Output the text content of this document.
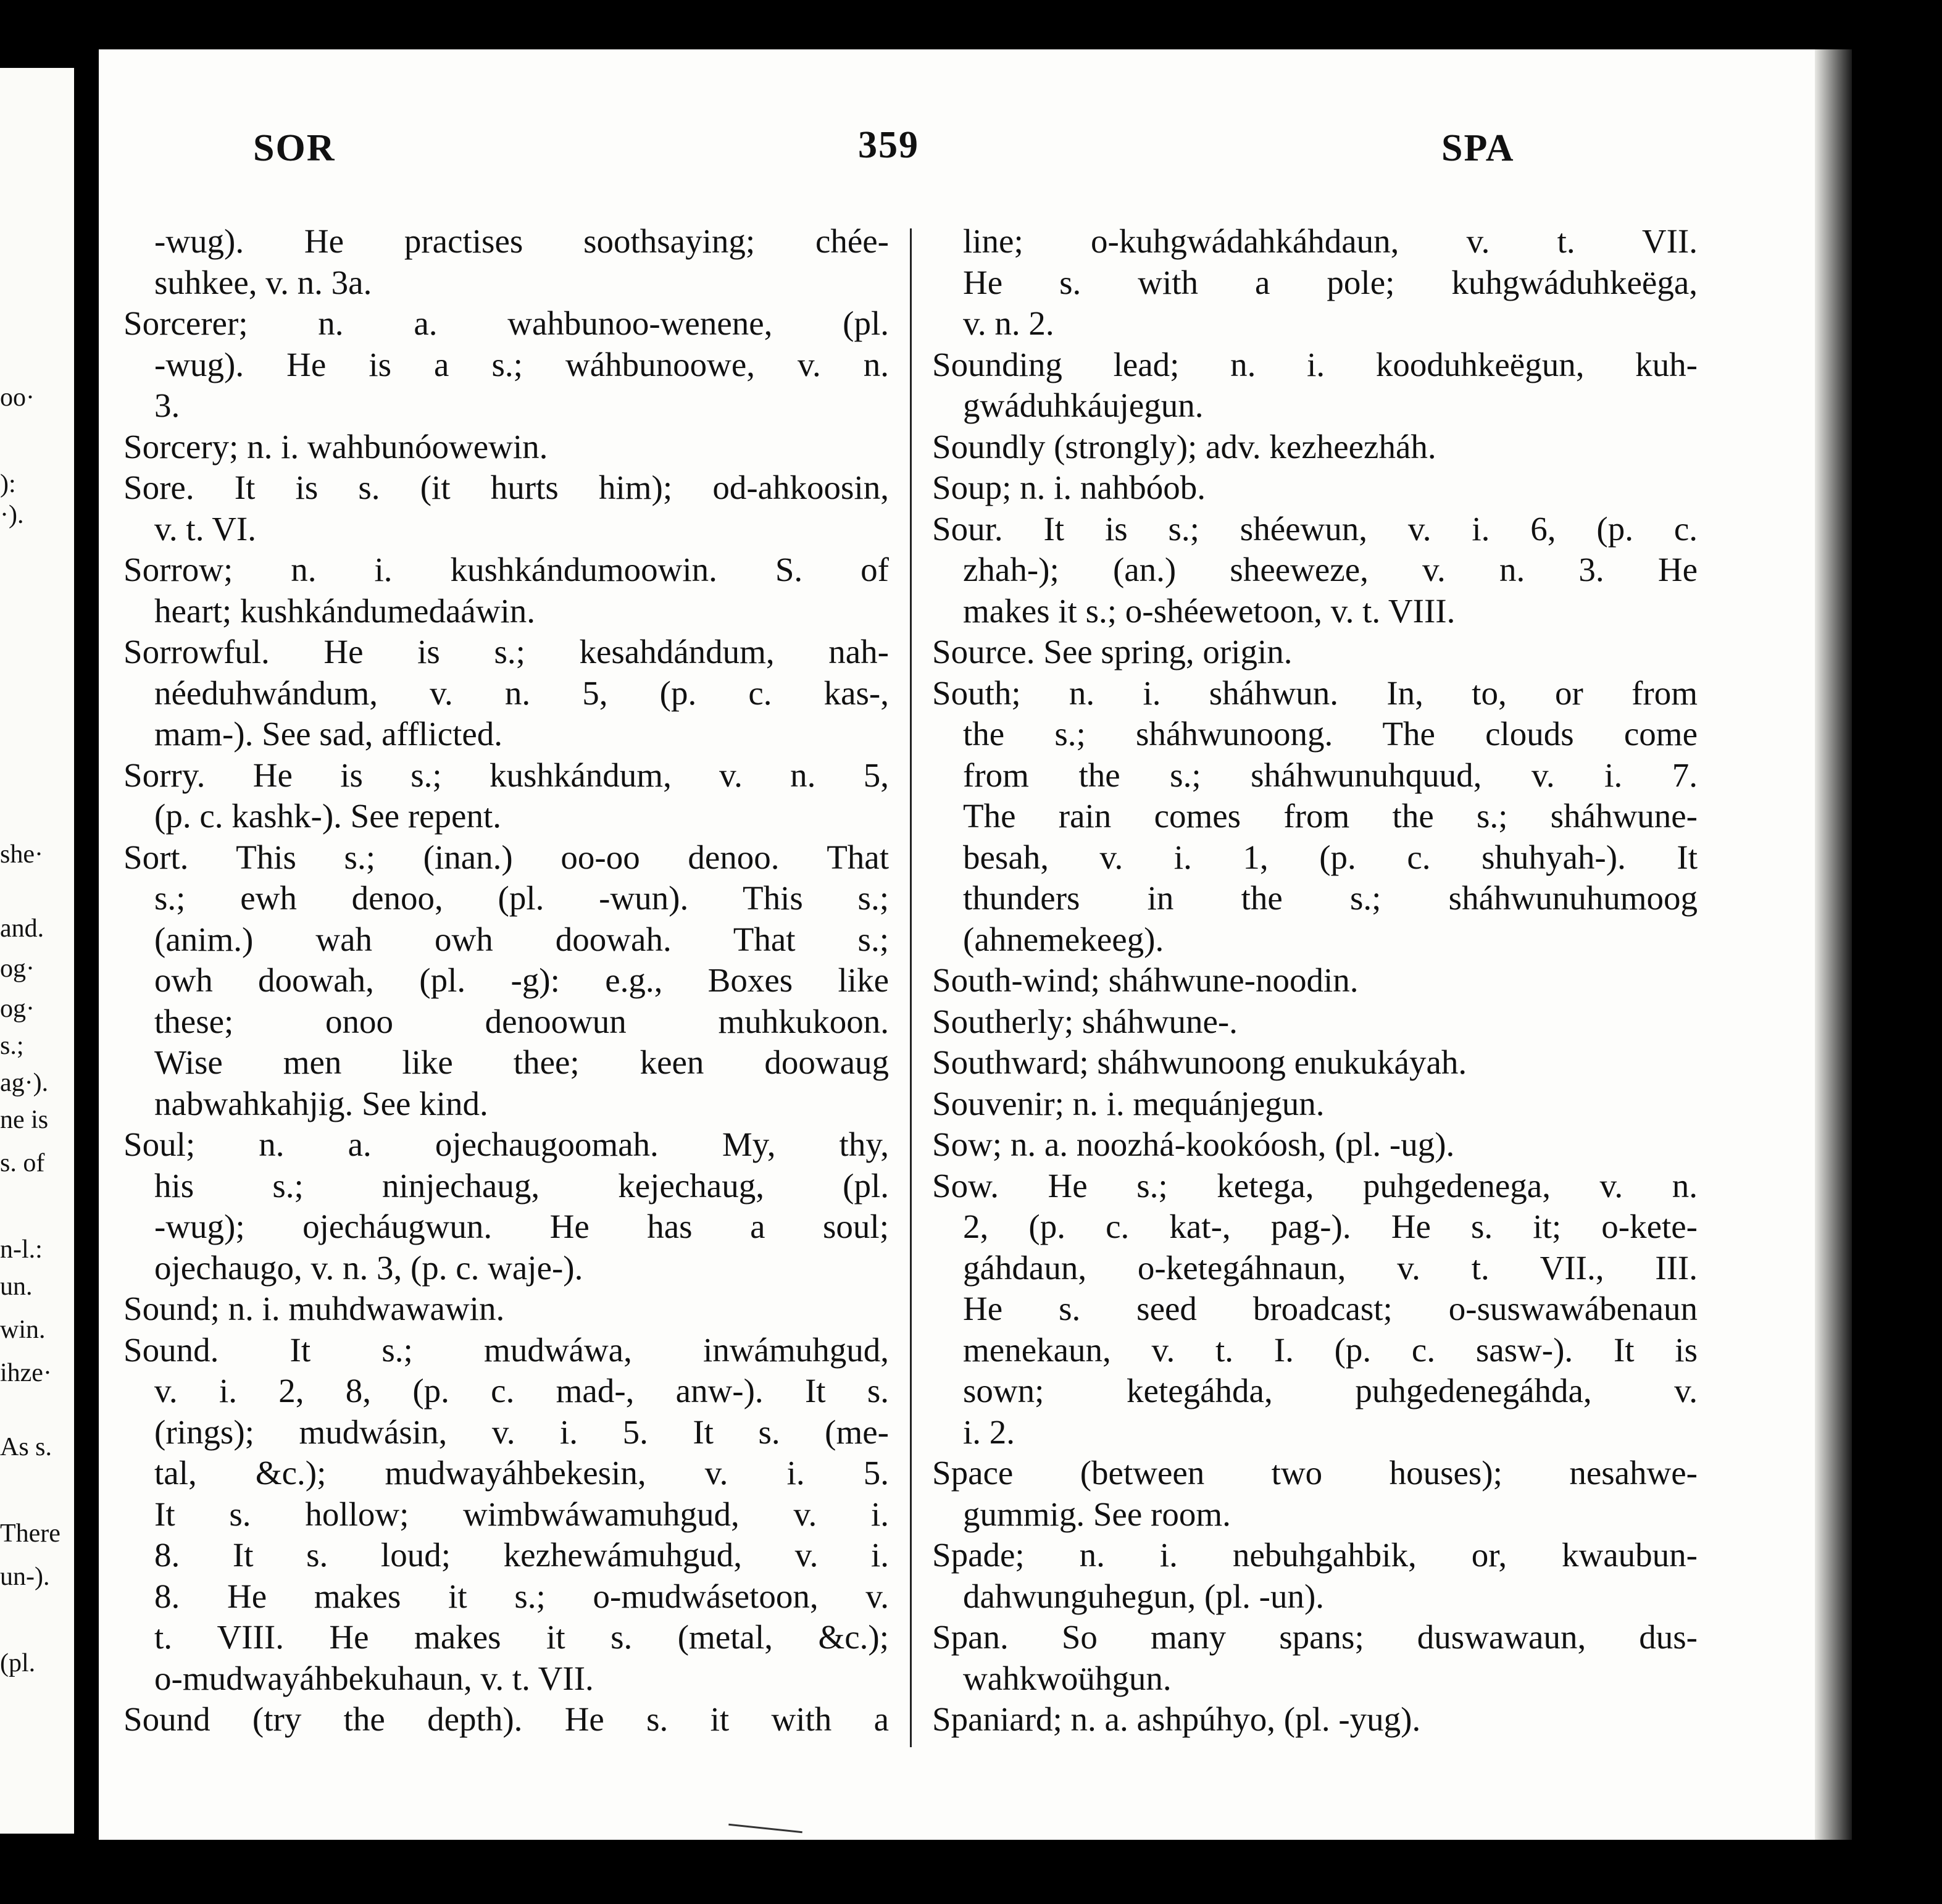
oo·
):
·).
she·
and.
og·
og·
s.;
ag·).
ne is
s. of
n-l.:
un.
win.
ihze·
As s.
There
un-).
(pl.
SOR	359	SPA
-wug). He practises soothsaying; chée-
suhkee, v. n. 3a.
Sorcerer; n. a. wahbunoo-wenene, (pl.
-wug). He is a s.; wáhbunoowe, v. n.
3.
Sorcery; n. i. wahbunóowewin.
Sore. It is s. (it hurts him); od-ahkoosin,
v. t. VI.
Sorrow; n. i. kushkándumoowin. S. of
heart; kushkándumedaáwin.
Sorrowful. He is s.; kesahdándum, nah-
néeduhwándum, v. n. 5, (p. c. kas-,
mam-). See sad, afflicted.
Sorry. He is s.; kushkándum, v. n. 5,
(p. c. kashk-). See repent.
Sort. This s.; (inan.) oo-oo denoo. That
s.; ewh denoo, (pl. -wun). This s.;
(anim.) wah owh doowah. That s.;
owh doowah, (pl. -g): e.g., Boxes like
these; onoo denoowun muhkukoon.
Wise men like thee; keen doowaug
nabwahkahjig. See kind.
Soul; n. a. ojechaugoomah. My, thy,
his s.; ninjechaug, kejechaug, (pl.
-wug); ojecháugwun. He has a soul;
ojechaugo, v. n. 3, (p. c. waje-).
Sound; n. i. muhdwawawin.
Sound. It s.; mudwáwa, inwámuhgud,
v. i. 2, 8, (p. c. mad-, anw-). It s.
(rings); mudwásin, v. i. 5. It s. (me-
tal, &c.); mudwayáhbekesin, v. i. 5.
It s. hollow; wimbwáwamuhgud, v. i.
8. It s. loud; kezhewámuhgud, v. i.
8. He makes it s.; o-mudwásetoon, v.
t. VIII. He makes it s. (metal, &c.);
o-mudwayáhbekuhaun, v. t. VII.
Sound (try the depth). He s. it with a
line; o-kuhgwádahkáhdaun, v. t. VII.
He s. with a pole; kuhgwáduhkeëga,
v. n. 2.
Sounding lead; n. i. kooduhkeëgun, kuh-
gwáduhkáujegun.
Soundly (strongly); adv. kezheezháh.
Soup; n. i. nahbóob.
Sour. It is s.; shéewun, v. i. 6, (p. c.
zhah-); (an.) sheeweze, v. n. 3. He
makes it s.; o-shéewetoon, v. t. VIII.
Source. See spring, origin.
South; n. i. sháhwun. In, to, or from
the s.; sháhwunoong. The clouds come
from the s.; sháhwunuhquud, v. i. 7.
The rain comes from the s.; sháhwune-
besah, v. i. 1, (p. c. shuhyah-). It
thunders in the s.; sháhwunuhumoog
(ahnemekeeg).
South-wind; sháhwune-noodin.
Southerly; sháhwune-.
Southward; sháhwunoong enukukáyah.
Souvenir; n. i. mequánjegun.
Sow; n. a. noozhá-kookóosh, (pl. -ug).
Sow. He s.; ketega, puhgedenega, v. n.
2, (p. c. kat-, pag-). He s. it; o-kete-
gáhdaun, o-ketegáhnaun, v. t. VII., III.
He s. seed broadcast; o-suswawábenaun
menekaun, v. t. I. (p. c. sasw-). It is
sown; ketegáhda, puhgedenegáhda, v.
i. 2.
Space (between two houses); nesahwe-
gummig. See room.
Spade; n. i. nebuhgahbik, or, kwaubun-
dahwunguhegun, (pl. -un).
Span. So many spans; duswawaun, dus-
wahkwoühgun.
Spaniard; n. a. ashpúhyo, (pl. -yug).
